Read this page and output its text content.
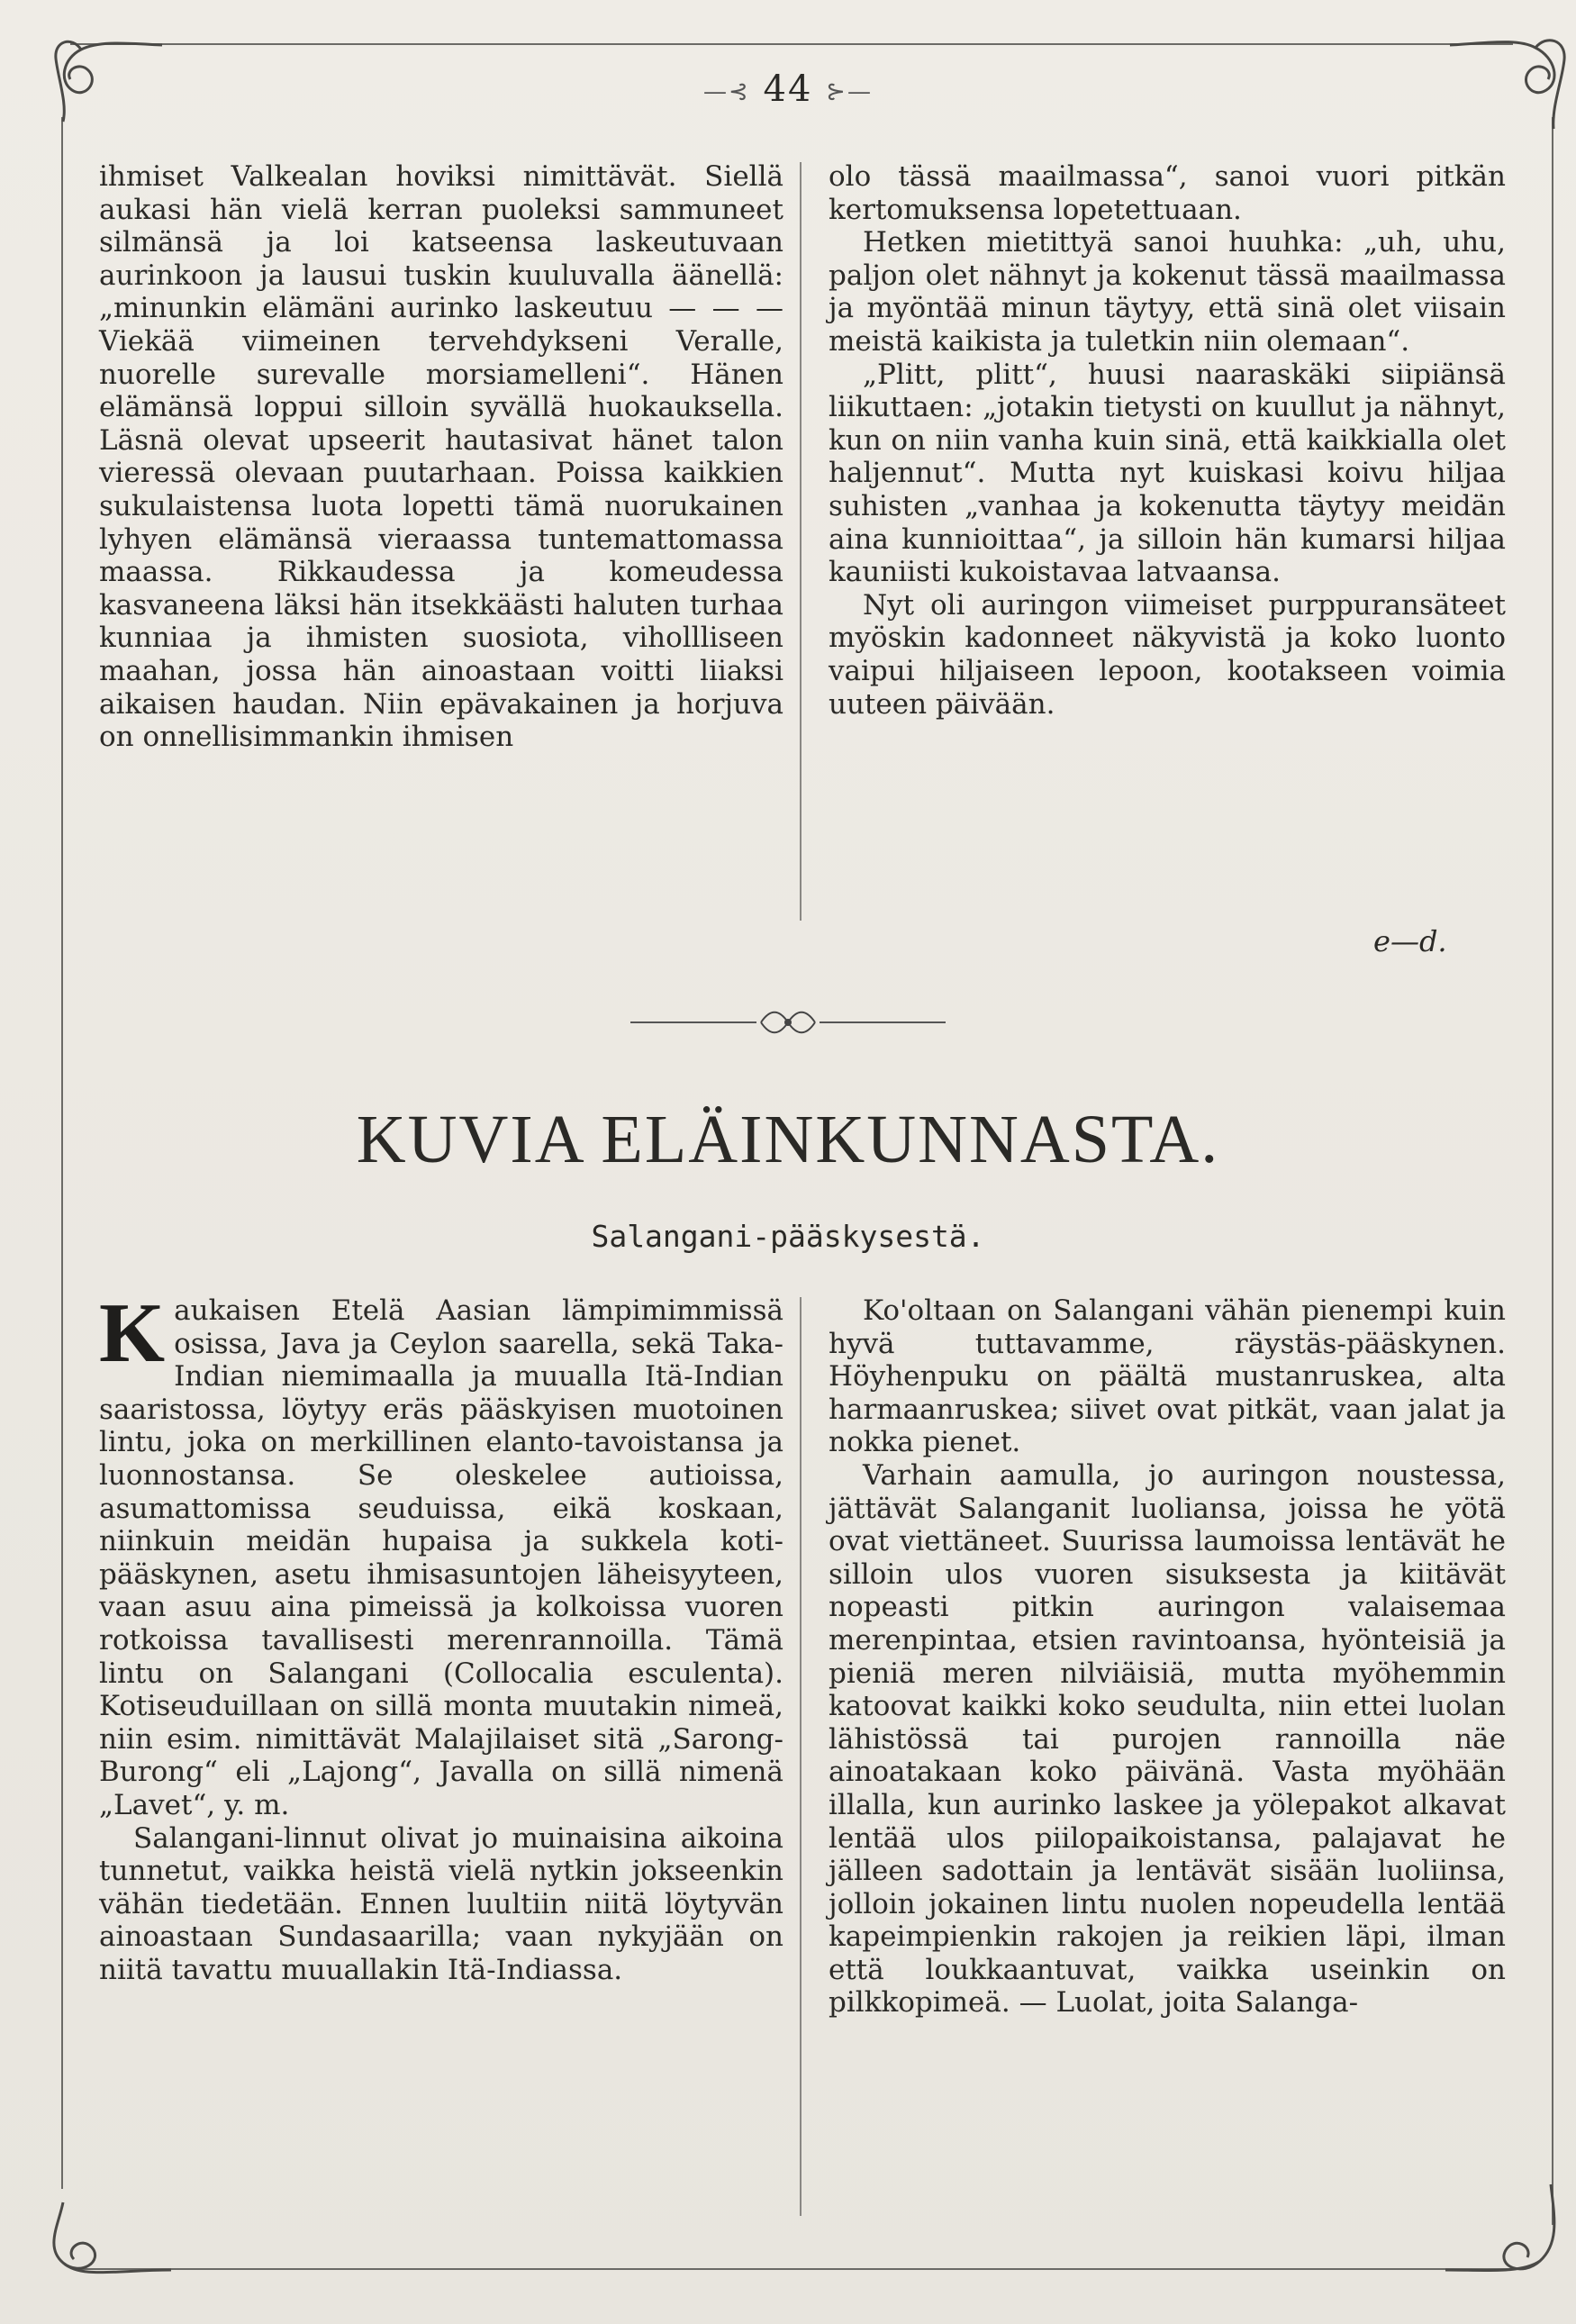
—⊰ 44 ⊱—

ihmiset Valkealan hoviksi nimittävät. Siellä aukasi hän vielä kerran puoleksi sammuneet silmänsä ja loi katseensa laskeutuvaan aurinkoon ja lausui tuskin kuuluvalla äänellä: „minunkin elämäni aurinko laskeutuu — — — Viekää viimeinen tervehdykseni Veralle, nuorelle surevalle morsiamelleni“. Hänen elämänsä loppui silloin syvällä huokauksella. Läsnä olevat upseerit hautasivat hänet talon vieressä olevaan puutarhaan. Poissa kaikkien sukulaistensa luota lopetti tämä nuorukainen lyhyen elämänsä vieraassa tuntemattomassa maassa. Rikkaudessa ja komeudessa kasvaneena läksi hän itsekkäästi haluten turhaa kunniaa ja ihmisten suosiota, vihollliseen maahan, jossa hän ainoastaan voitti liiaksi aikaisen haudan. Niin epävakainen ja horjuva on onnellisimmankin ihmisen

olo tässä maailmassa“, sanoi vuori pitkän kertomuksensa lopetettuaan.

Hetken mietittyä sanoi huuhka: „uh, uhu, paljon olet nähnyt ja kokenut tässä maailmassa ja myöntää minun täytyy, että sinä olet viisain meistä kaikista ja tuletkin niin olemaan“.

„Plitt, plitt“, huusi naaraskäki siipiänsä liikuttaen: „jotakin tietysti on kuullut ja nähnyt, kun on niin vanha kuin sinä, että kaikkialla olet haljennut“. Mutta nyt kuiskasi koivu hiljaa suhisten „vanhaa ja kokenutta täytyy meidän aina kunnioittaa“, ja silloin hän kumarsi hiljaa kauniisti kukoistavaa latvaansa.

Nyt oli auringon viimeiset purppuransäteet myöskin kadonneet näkyvistä ja koko luonto vaipui hiljaiseen lepoon, kootakseen voimia uuteen päivään.

e—d.
KUVIA ELÄINKUNNASTA.
Salangani-pääskysestä.

Kaukaisen Etelä Aasian lämpimimmissä osissa, Java ja Ceylon saarella, sekä Taka-Indian niemimaalla ja muualla Itä-Indian saaristossa, löytyy eräs pääskyisen muotoinen lintu, joka on merkillinen elanto-tavoistansa ja luonnostansa. Se oleskelee autioissa, asumattomissa seuduissa, eikä koskaan, niinkuin meidän hupaisa ja sukkela koti-pääskynen, asetu ihmisasuntojen läheisyyteen, vaan asuu aina pimeissä ja kolkoissa vuoren rotkoissa tavallisesti merenrannoilla. Tämä lintu on Salangani (Collocalia esculenta). Kotiseuduillaan on sillä monta muutakin nimeä, niin esim. nimittävät Malajilaiset sitä „Sarong-Burong“ eli „Lajong“, Javalla on sillä nimenä „Lavet“, y. m.

Salangani-linnut olivat jo muinaisina aikoina tunnetut, vaikka heistä vielä nytkin jokseenkin vähän tiedetään. Ennen luultiin niitä löytyvän ainoastaan Sundasaarilla; vaan nykyjään on niitä tavattu muuallakin Itä-Indiassa.

Ko'oltaan on Salangani vähän pienempi kuin hyvä tuttavamme, räystäs-pääskynen. Höyhenpuku on päältä mustanruskea, alta harmaanruskea; siivet ovat pitkät, vaan jalat ja nokka pienet.

Varhain aamulla, jo auringon noustessa, jättävät Salanganit luoliansa, joissa he yötä ovat viettäneet. Suurissa laumoissa lentävät he silloin ulos vuoren sisuksesta ja kiitävät nopeasti pitkin auringon valaisemaa merenpintaa, etsien ravintoansa, hyönteisiä ja pieniä meren nilviäisiä, mutta myöhemmin katoovat kaikki koko seudulta, niin ettei luolan lähistössä tai purojen rannoilla näe ainoatakaan koko päivänä. Vasta myöhään illalla, kun aurinko laskee ja yölepakot alkavat lentää ulos piilopaikoistansa, palajavat he jälleen sadottain ja lentävät sisään luoliinsa, jolloin jokainen lintu nuolen nopeudella lentää kapeimpienkin rakojen ja reikien läpi, ilman että loukkaantuvat, vaikka useinkin on pilkkopimeä. — Luolat, joita Salanga-
